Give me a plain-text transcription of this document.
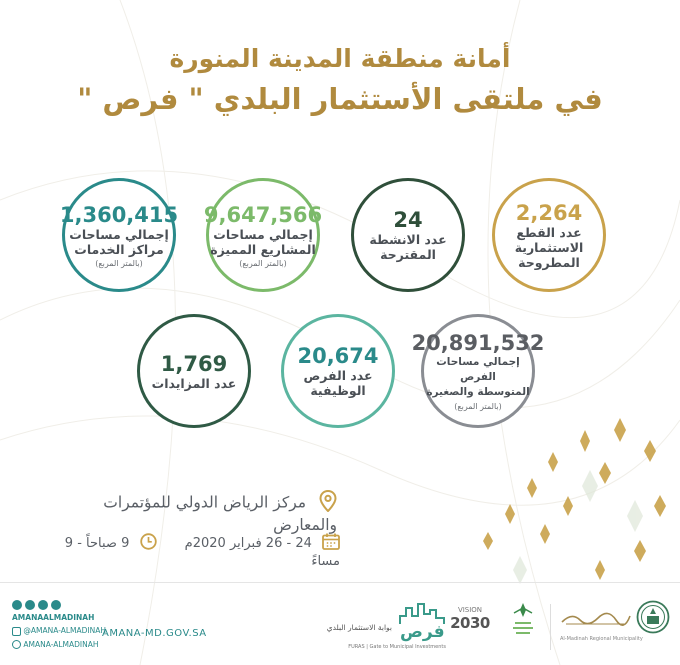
أمانة منطقة المدينة المنورة
في ملتقى الأستثمار البلدي " فرص "
2,264
عدد القطع
الاستثمارية
المطروحة
24
عدد الانشطة
المقترحة
9,647,566
إجمالي مساحات
المشاريع المميزة
(بالمتر المربع)
1,360,415
إجمالي مساحات
مراكز الخدمات
(بالمتر المربع)
20,891,532
إجمالي مساحات الفرص
المتوسطة والصغيرة
(بالمتر المربع)
20,674
عدد الفرص
الوظيفية
1,769
عدد المزايدات
مركز الرياض الدولي للمؤتمرات والمعارض
24 - 26 فبراير 2020م  9 صباحاً - 9 مساءً
AMANAALMADINAH
@AMANA-ALMADINAH
AMANA-ALMADINAH
AMANA-MD.GOV.SA
بوابة الاستثمار البلدي فرص
FURAS | Gate to Municipal Investments
VISION
2030
Al-Madinah Regional Municipality
